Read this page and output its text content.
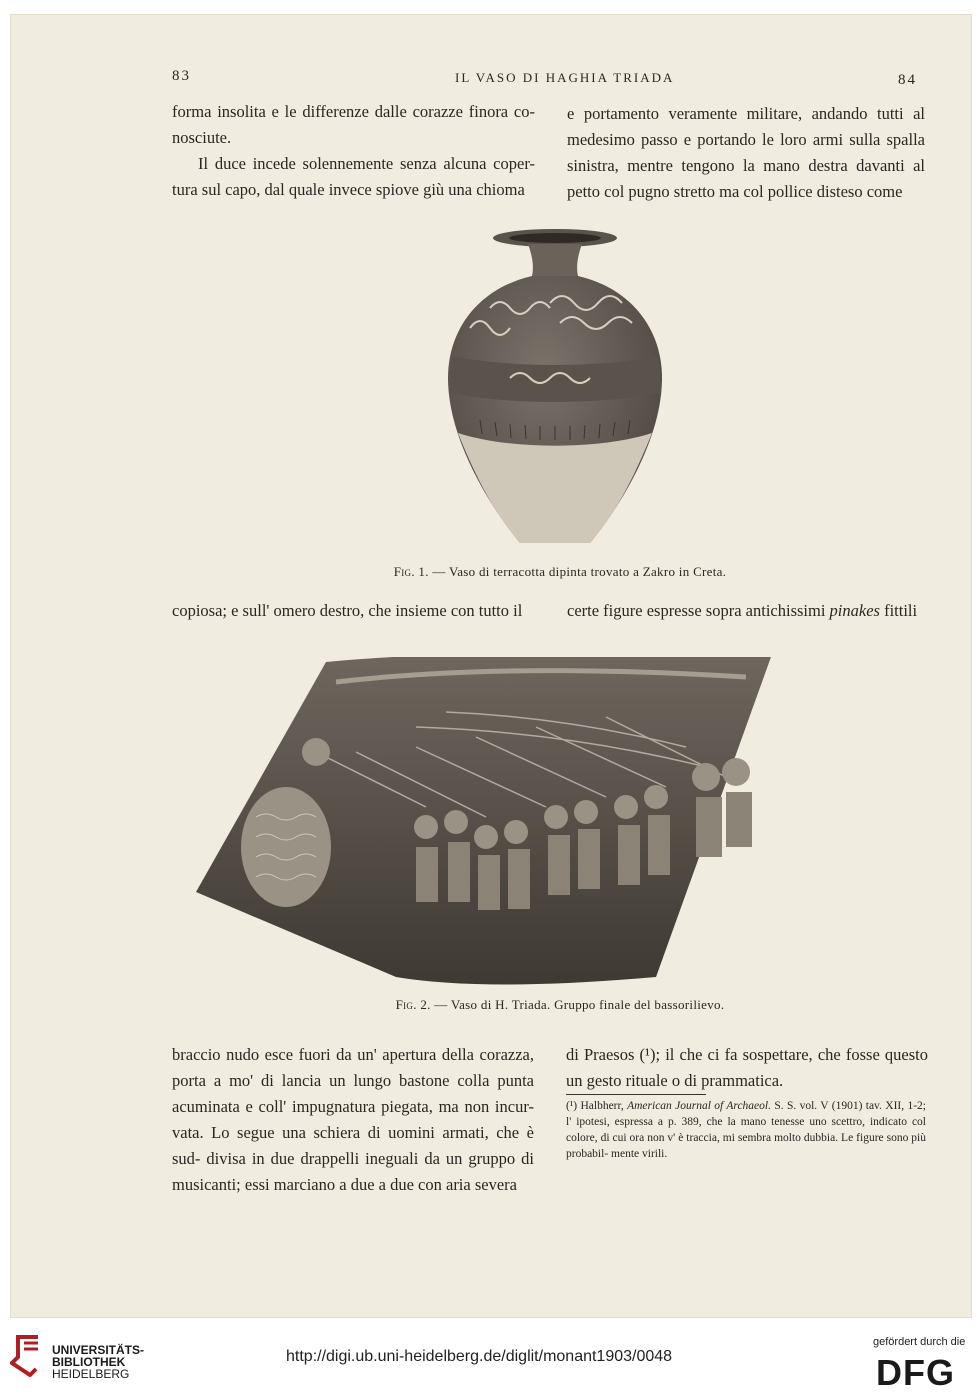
83	IL VASO DI HAGHIA TRIADA	84

forma insolita e le differenze dalle corazze finora co- nosciute.

Il duce incede solennemente senza alcuna coper- tura sul capo, dal quale invece spiove giù una chioma

e portamento veramente militare, andando tutti al medesimo passo e portando le loro armi sulla spalla sinistra, mentre tengono la mano destra davanti al petto col pugno stretto ma col pollice disteso come

Fig. 1. — Vaso di terracotta dipinta trovato a Zakro in Creta.

copiosa; e sull' omero destro, che insieme con tutto il	certe figure espresse sopra antichissimi pinakes fittili

Fig. 2. — Vaso di H. Triada. Gruppo finale del bassorilievo.

braccio nudo esce fuori da un' apertura della corazza, porta a mo' di lancia un lungo bastone colla punta acuminata e coll' impugnatura piegata, ma non incur- vata. Lo segue una schiera di uomini armati, che è sud- divisa in due drappelli ineguali da un gruppo di musicanti; essi marciano a due a due con aria severa

di Praesos (¹); il che ci fa sospettare, che fosse questo un gesto rituale o di prammatica.

(¹) Halbherr, American Journal of Archaeol. S. S. vol. V (1901) tav. XII, 1-2; l' ipotesi, espressa a p. 389, che la mano tenesse uno scettro, indicato col colore, di cui ora non v' è traccia, mi sembra molto dubbia. Le figure sono più probabil- mente virili.
UNIVERSITÄTS-
BIBLIOTHEK
HEIDELBERG
http://digi.ub.uni-heidelberg.de/diglit/monant1903/0048
gefördert durch die
DFG
